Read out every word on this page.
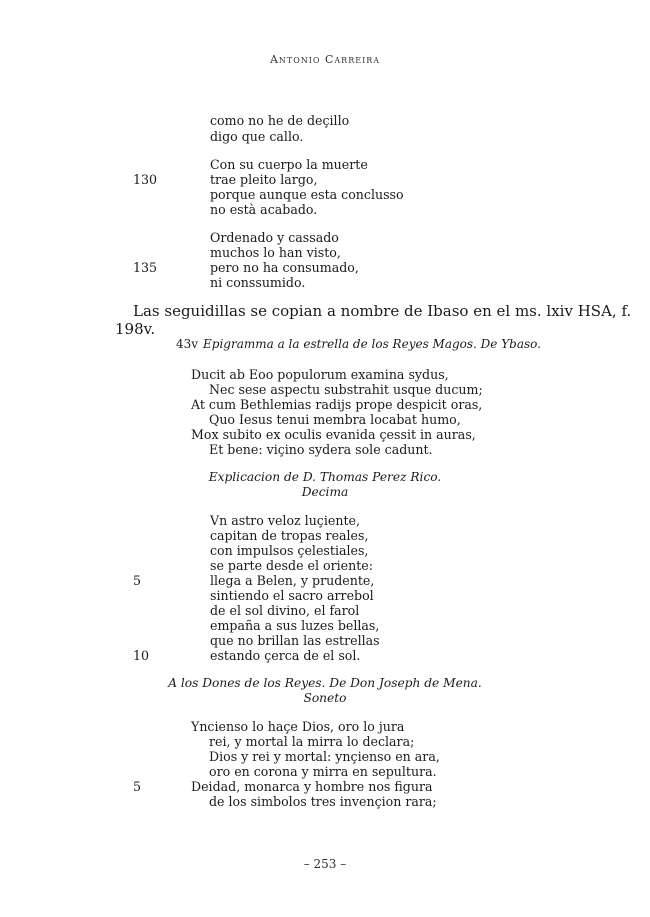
Antonio Carreira
como no he de deçillo
digo que callo.
Con su cuerpo la muerte
130	trae pleito largo,
porque aunque esta conclusso
no està acabado.
Ordenado y cassado
muchos lo han visto,
135	pero no ha consumado,
ni conssumido.
Las seguidillas se copian a nombre de Ibaso en el ms. lxiv HSA, f.
198v.
43v Epigramma a la estrella de los Reyes Magos. De Ybaso.
Ducit ab Eoo populorum examina sydus,
Nec sese aspectu substrahit usque ducum;
At cum Bethlemias radijs prope despicit oras,
Quo Iesus tenui membra locabat humo,
Mox subito ex oculis evanida çessit in auras,
Et bene: viçino sydera sole cadunt.
Explicacion de D. Thomas Perez Rico.
Decima
Vn astro veloz luçiente,
capitan de tropas reales,
con impulsos çelestiales,
se parte desde el oriente:
5	llega a Belen, y prudente,
sintiendo el sacro arrebol
de el sol divino, el farol
empaña a sus luzes bellas,
que no brillan las estrellas
10	estando çerca de el sol.
A los Dones de los Reyes. De Don Joseph de Mena.
Soneto
Yncienso lo haçe Dios, oro lo jura
rei, y mortal la mirra lo declara;
Dios y rei y mortal: ynçienso en ara,
oro en corona y mirra en sepultura.
5	Deidad, monarca y hombre nos figura
de los simbolos tres invençion rara;
– 253 –
